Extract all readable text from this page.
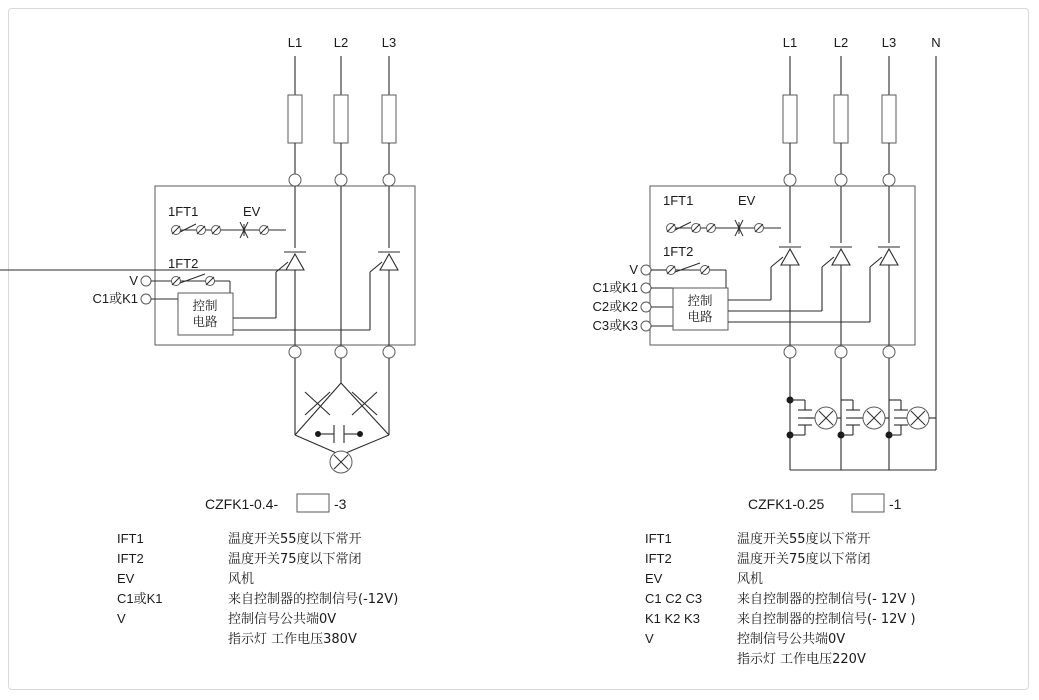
L1 L2	L3
1FT1	EV
1FT2
V
C1或K1	控制
电路
CZFK1-0.4-	-3
IFT1	温度开关55度以下常开
IFT2	温度开关75度以下常闭
EV	风机
C1或K1	来自控制器的控制信号(-12V)
V	控制信号公共端0V
指示灯 工作电压380V
L1	L2	L3	N
1FT1	EV
1FT2
V
C1或K1
C2或K2
C3或K3
控制
电路
CZFK1-0.25	-1
IFT1	温度开关55度以下常开
IFT2	温度开关75度以下常闭
EV	风机
C1 C2 C3	来自控制器的控制信号(- 12V )
K1 K2 K3	来自控制器的控制信号(- 12V )
V	控制信号公共端0V
指示灯 工作电压220V
